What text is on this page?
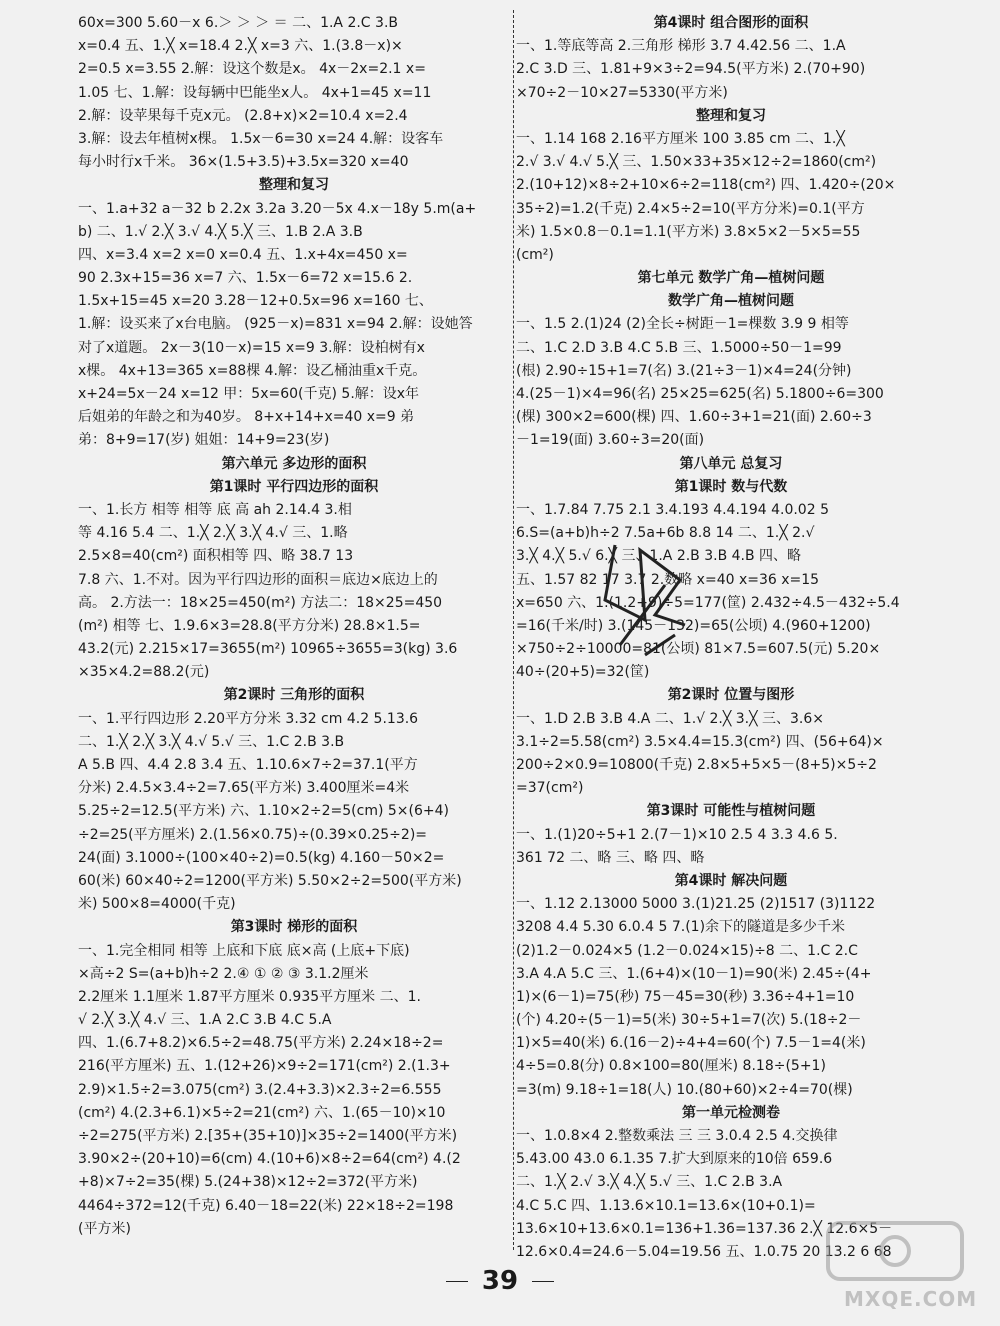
60x=300 5.60－x 6.＞ ＞ ＞ ＝ 二、1.A 2.C 3.B
x=0.4 五、1.╳ x=18.4 2.╳ x=3 六、1.(3.8－x)×
2=0.5 x=3.55 2.解：设这个数是x。 4x－2x=2.1 x=
1.05 七、1.解：设每辆中巴能坐x人。 4x+1=45 x=11
2.解：设苹果每千克x元。 (2.8+x)×2=10.4 x=2.4
3.解：设去年植树x棵。 1.5x－6=30 x=24 4.解：设客车
每小时行x千米。 36×(1.5+3.5)+3.5x=320 x=40
整理和复习
一、1.a+32 a－32 b 2.2x 3.2a 3.20－5x 4.x－18y 5.m(a+
b) 二、1.√ 2.╳ 3.√ 4.╳ 5.╳ 三、1.B 2.A 3.B
四、x=3.4 x=2 x=0 x=0.4 五、1.x+4x=450 x=
90 2.3x+15=36 x=7 六、1.5x－6=72 x=15.6 2.
1.5x+15=45 x=20 3.28－12+0.5x=96 x=160 七、
1.解：设买来了x台电脑。 (925－x)=831 x=94 2.解：设她答
对了x道题。 2x－3(10－x)=15 x=9 3.解：设柏树有x
x棵。 4x+13=365 x=88棵 4.解：设乙桶油重x千克。
x+24=5x－24 x=12 甲：5x=60(千克) 5.解：设x年
后姐弟的年龄之和为40岁。 8+x+14+x=40 x=9 弟
弟：8+9=17(岁) 姐姐：14+9=23(岁)
第六单元 多边形的面积
第1课时 平行四边形的面积
一、1.长方 相等 相等 底 高 ah 2.14.4 3.相
等 4.16 5.4 二、1.╳ 2.╳ 3.╳ 4.√ 三、1.略
2.5×8=40(cm²) 面积相等 四、略 38.7 13
7.8 六、1.不对。因为平行四边形的面积＝底边×底边上的
高。 2.方法一：18×25=450(m²) 方法二：18×25=450
(m²) 相等 七、1.9.6×3=28.8(平方分米) 28.8×1.5=
43.2(元) 2.215×17=3655(m²) 10965÷3655=3(kg) 3.6
×35×4.2=88.2(元)
第2课时 三角形的面积
一、1.平行四边形 2.20平方分米 3.32 cm 4.2 5.13.6
二、1.╳ 2.╳ 3.╳ 4.√ 5.√ 三、1.C 2.B 3.B
A 5.B 四、4.4 2.8 3.4 五、1.10.6×7÷2=37.1(平方
分米) 2.4.5×3.4÷2=7.65(平方米) 3.400厘米=4米
5.25÷2=12.5(平方米) 六、1.10×2÷2=5(cm) 5×(6+4)
÷2=25(平方厘米) 2.(1.56×0.75)÷(0.39×0.25÷2)=
24(面) 3.1000÷(100×40÷2)=0.5(kg) 4.160－50×2=
60(米) 60×40÷2=1200(平方米) 5.50×2÷2=500(平方米)
米) 500×8=4000(千克)
第3课时 梯形的面积
一、1.完全相同 相等 上底和下底 底×高 (上底+下底)
×高÷2 S=(a+b)h÷2 2.④ ① ② ③ 3.1.2厘米
2.2厘米 1.1厘米 1.87平方厘米 0.935平方厘米 二、1.
√ 2.╳ 3.╳ 4.√ 三、1.A 2.C 3.B 4.C 5.A
四、1.(6.7+8.2)×6.5÷2=48.75(平方米) 2.24×18÷2=
216(平方厘米) 五、1.(12+26)×9÷2=171(cm²) 2.(1.3+
2.9)×1.5÷2=3.075(cm²) 3.(2.4+3.3)×2.3÷2=6.555
(cm²) 4.(2.3+6.1)×5÷2=21(cm²) 六、1.(65－10)×10
÷2=275(平方米) 2.[35+(35+10)]×35÷2=1400(平方米)
3.90×2÷(20+10)=6(cm) 4.(10+6)×8÷2=64(cm²) 4.(2
+8)×7÷2=35(棵) 5.(24+38)×12÷2=372(平方米)
4464÷372=12(千克) 6.40－18=22(米) 22×18÷2=198
(平方米)
第4课时 组合图形的面积
一、1.等底等高 2.三角形 梯形 3.7 4.42.56 二、1.A
2.C 3.D 三、1.81+9×3÷2=94.5(平方米) 2.(70+90)
×70÷2－10×27=5330(平方米)
整理和复习
一、1.14 168 2.16平方厘米 100 3.85 cm 二、1.╳
2.√ 3.√ 4.√ 5.╳ 三、1.50×33+35×12÷2=1860(cm²)
2.(10+12)×8÷2+10×6÷2=118(cm²) 四、1.420÷(20×
35÷2)=1.2(千克) 2.4×5÷2=10(平方分米)=0.1(平方
米) 1.5×0.8－0.1=1.1(平方米) 3.8×5×2－5×5=55
(cm²)
第七单元 数学广角—植树问题
数学广角—植树问题
一、1.5 2.(1)24 (2)全长÷树距－1=棵数 3.9 9 相等
二、1.C 2.D 3.B 4.C 5.B 三、1.5000÷50－1=99
(根) 2.90÷15+1=7(名) 3.(21÷3－1)×4=24(分钟)
4.(25－1)×4=96(名) 25×25=625(名) 5.1800÷6=300
(棵) 300×2=600(棵) 四、1.60÷3+1=21(面) 2.60÷3
－1=19(面) 3.60÷3=20(面)
第八单元 总复习
第1课时 数与代数
一、1.7.84 7.75 2.1 3.4.193 4.4.194 4.0.02 5
6.S=(a+b)h÷2 7.5a+6b 8.8 14 二、1.╳ 2.√
3.╳ 4.╳ 5.√ 6.╳ 三、1.A 2.B 3.B 4.B 四、略
五、1.57 82 17 3.7 2.数略 x=40 x=36 x=15
x=650 六、1.(1.2+9)÷5=177(筐) 2.432÷4.5－432÷5.4
=16(千米/时) 3.(145－132)=65(公顷) 4.(960+1200)
×750÷2÷10000=81(公顷) 81×7.5=607.5(元) 5.20×
40÷(20+5)=32(筐)
第2课时 位置与图形
一、1.D 2.B 3.B 4.A 二、1.√ 2.╳ 3.╳ 三、3.6×
3.1÷2=5.58(cm²) 3.5×4.4=15.3(cm²) 四、(56+64)×
200÷2×0.9=10800(千克) 2.8×5+5×5－(8+5)×5÷2
=37(cm²)
第3课时 可能性与植树问题
一、1.(1)20÷5+1 2.(7－1)×10 2.5 4 3.3 4.6 5.
361 72 二、略 三、略 四、略
第4课时 解决问题
一、1.12 2.13000 5000 3.(1)21.25 (2)1517 (3)1122
3208 4.4 5.30 6.0.4 5 7.(1)余下的隧道是多少千米
(2)1.2－0.024×5 (1.2－0.024×15)÷8 二、1.C 2.C
3.A 4.A 5.C 三、1.(6+4)×(10－1)=90(米) 2.45÷(4+
1)×(6－1)=75(秒) 75－45=30(秒) 3.36÷4+1=10
(个) 4.20÷(5－1)=5(米) 30÷5+1=7(次) 5.(18÷2－
1)×5=40(米) 6.(16－2)÷4+4=60(个) 7.5－1=4(米)
4÷5=0.8(分) 0.8×100=80(厘米) 8.18÷(5+1)
=3(m) 9.18÷1=18(人) 10.(80+60)×2÷4=70(棵)
第一单元检测卷
一、1.0.8×4 2.整数乘法 三 三 3.0.4 2.5 4.交换律
5.43.00 43.0 6.1.35 7.扩大到原来的10倍 659.6
二、1.╳ 2.√ 3.╳ 4.╳ 5.√ 三、1.C 2.B 3.A
4.C 5.C 四、1.13.6×10.1=13.6×(10+0.1)=
13.6×10+13.6×0.1=136+1.36=137.36 2.╳ 12.6×5－
12.6×0.4=24.6－5.04=19.56 五、1.0.75 20 13.2 6 68
39
MXQE.COM
